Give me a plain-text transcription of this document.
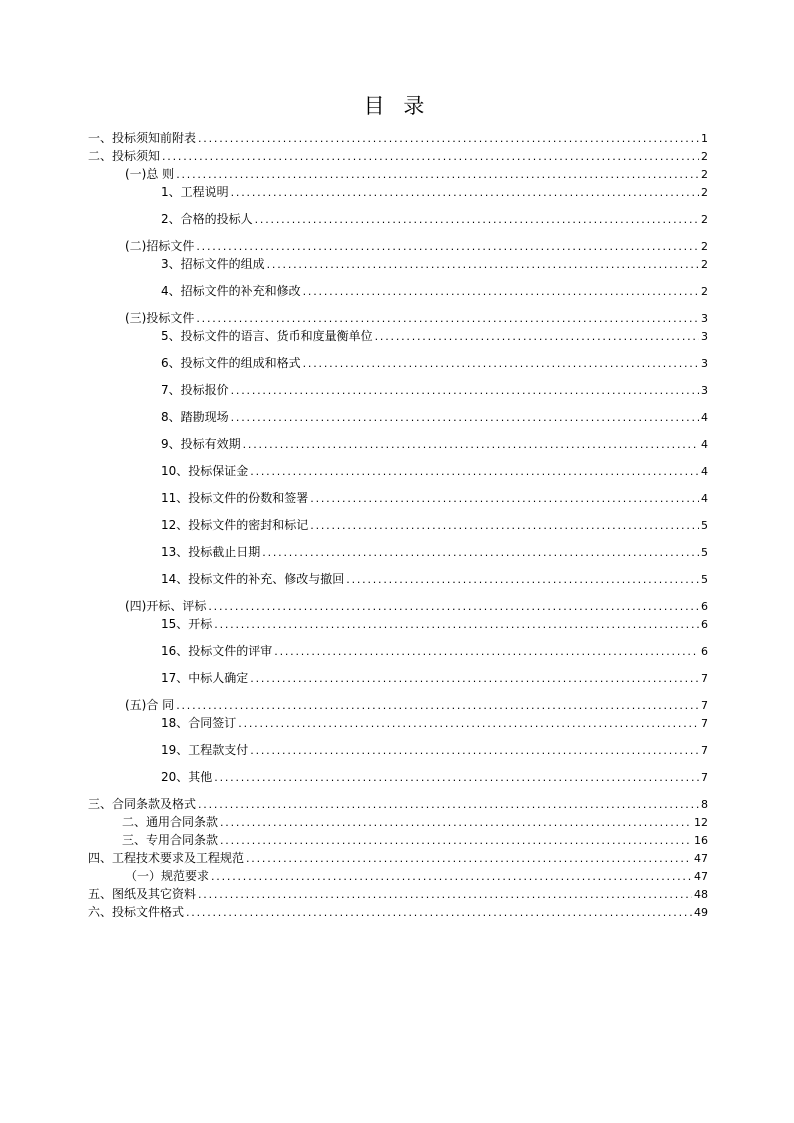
目 录
一、投标须知前附表 .....	1
二、投标须知 .....	2
(一)总 则 .....	2
1、工程说明 .....	2
2、合格的投标人 .....	2
(二)招标文件 .....	2
3、招标文件的组成 .....	2
4、招标文件的补充和修改 .....	2
(三)投标文件 .....	3
5、投标文件的语言、货币和度量衡单位 .....	3
6、投标文件的组成和格式 .....	3
7、投标报价 .....	3
8、踏勘现场 .....	4
9、投标有效期 .....	4
10、投标保证金 .....	4
11、投标文件的份数和签署 .....	4
12、投标文件的密封和标记 .....	5
13、投标截止日期 .....	5
14、投标文件的补充、修改与撤回 .....	5
(四)开标、评标 .....	6
15、开标 .....	6
16、投标文件的评审 .....	6
17、中标人确定 .....	7
(五)合 同 .....	7
18、合同签订 .....	7
19、工程款支付 .....	7
20、其他 .....	7
三、合同条款及格式 .....	8
二、通用合同条款 .....	12
三、专用合同条款 .....	16
四、工程技术要求及工程规范 .....	47
（一）规范要求 .....	47
五、图纸及其它资料 .....	48
六、投标文件格式 .....	49
